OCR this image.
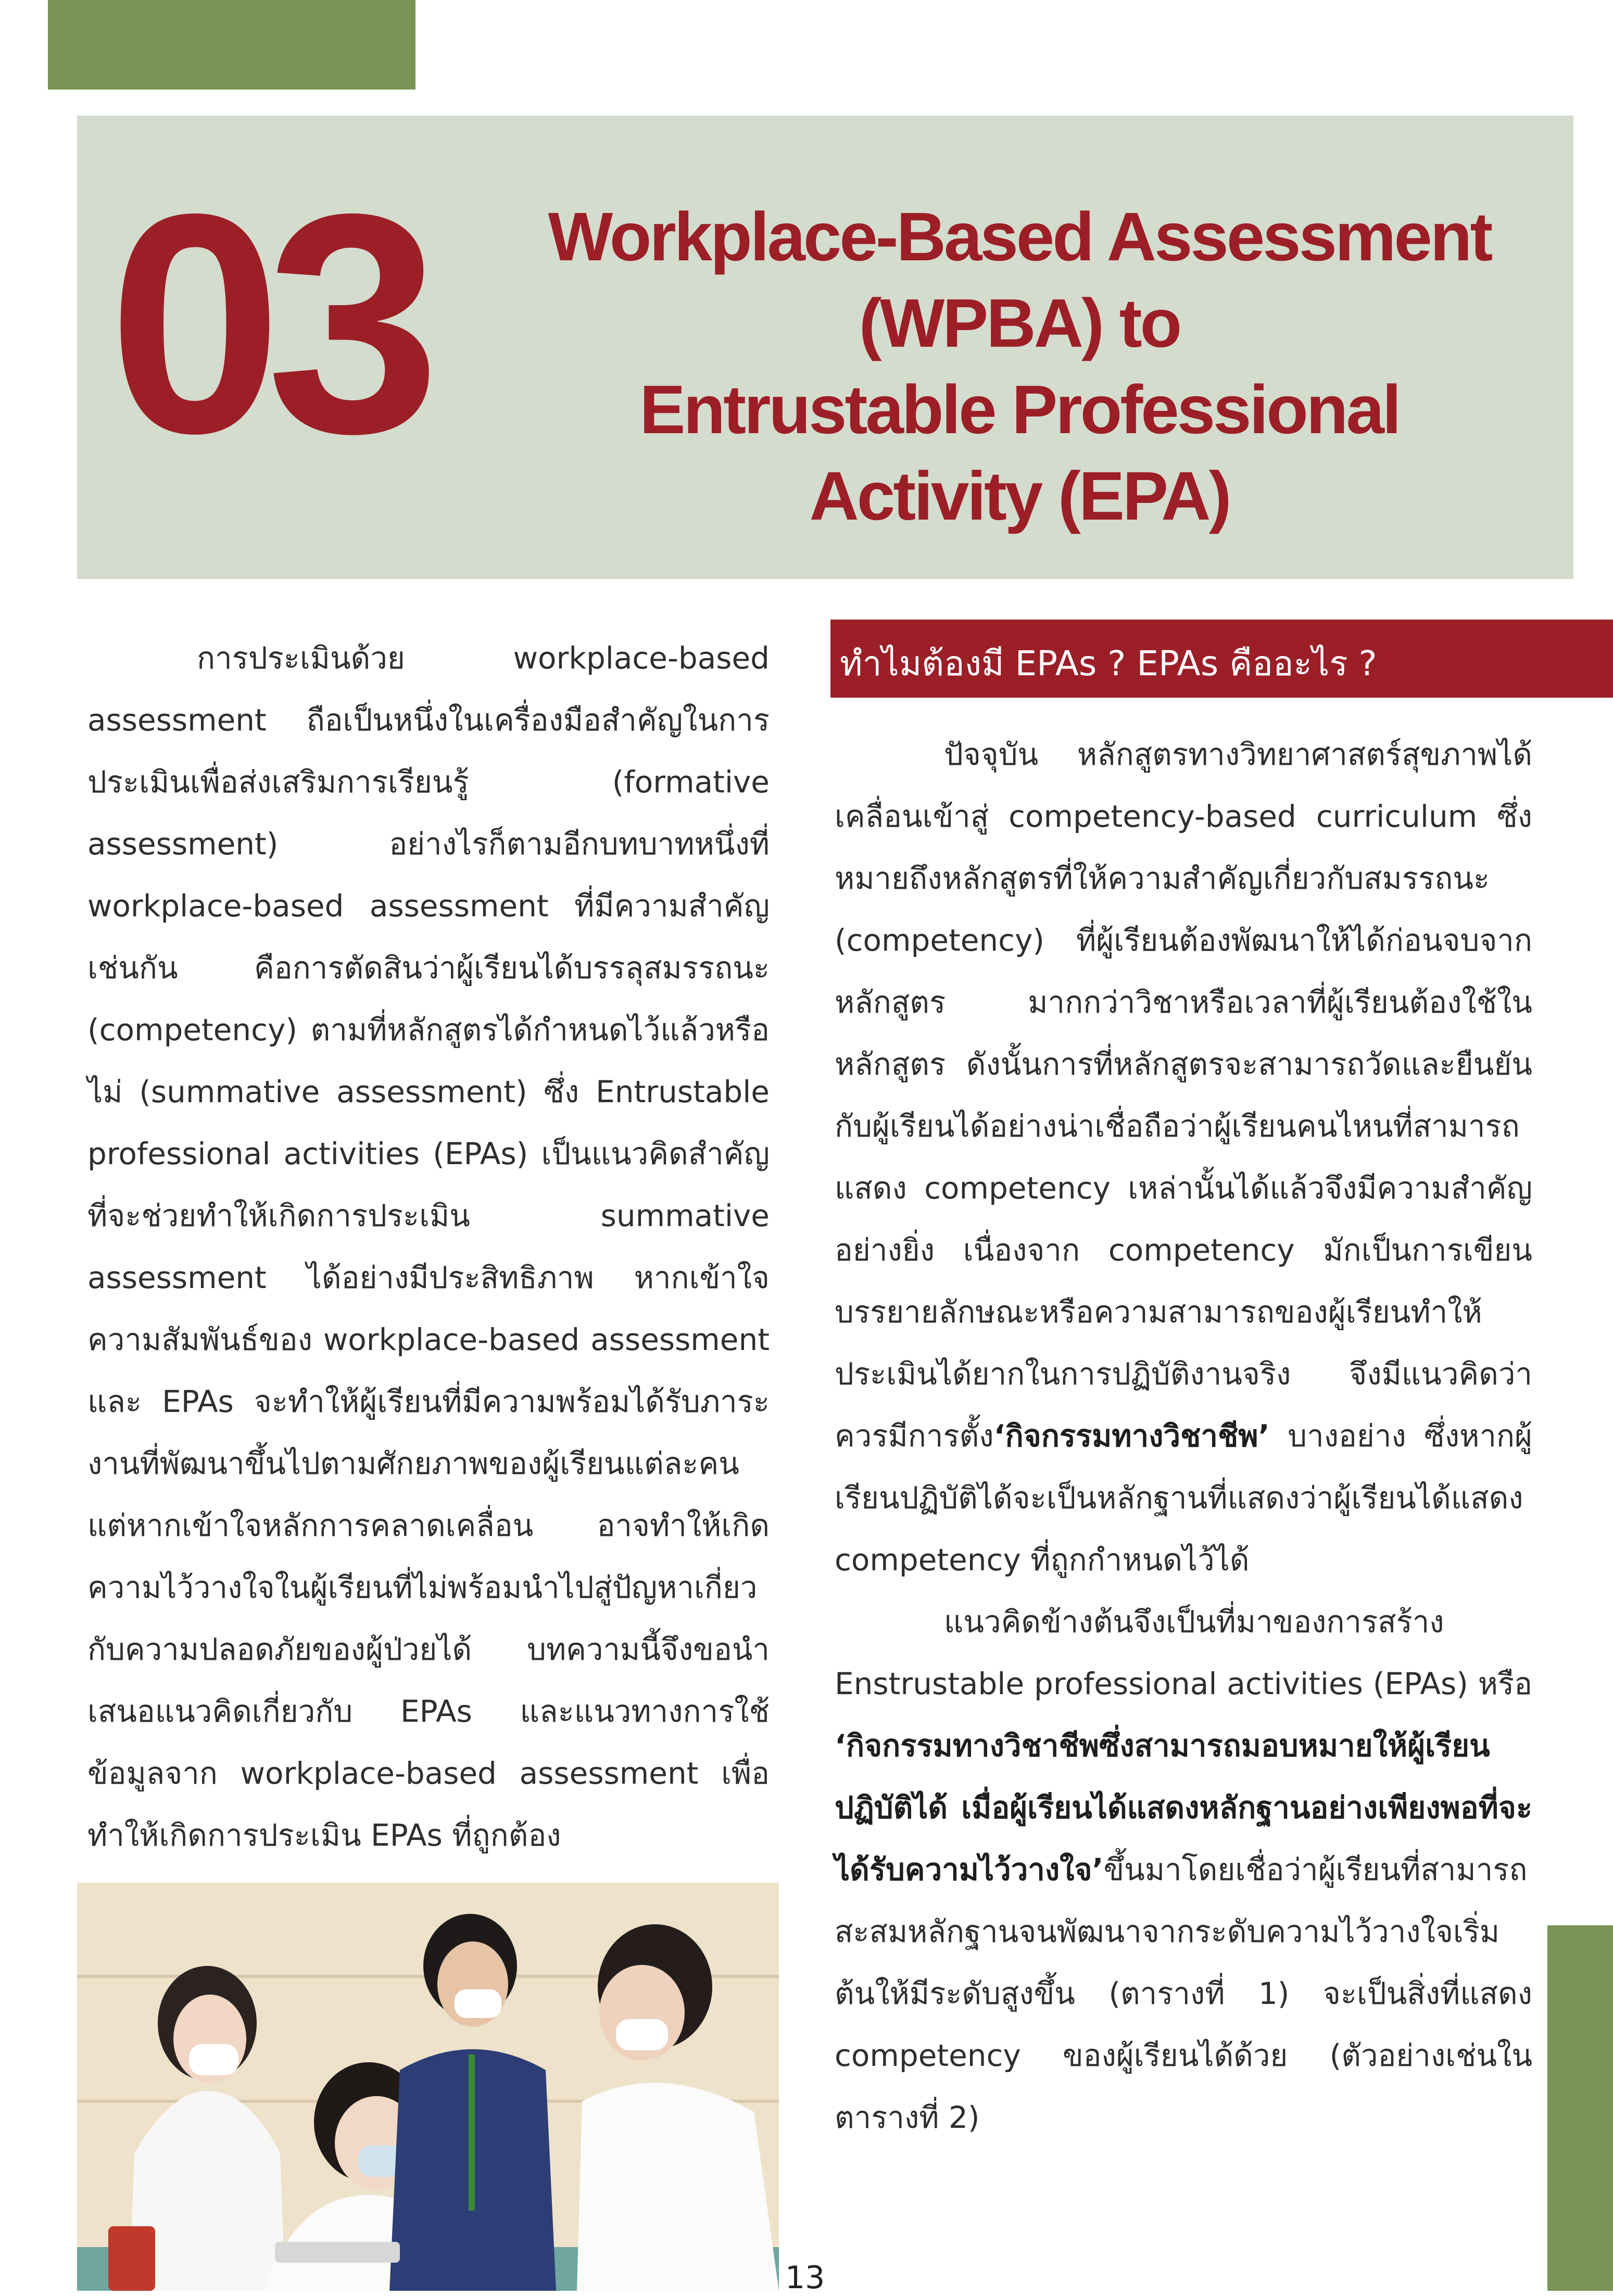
03	Workplace-Based Assessment
(WPBA) to
Entrustable Professional
Activity (EPA)

การประเมินด้วย workplace-based assessment ถือเป็นหนึ่งในเครื่องมือสำคัญในการประเมินเพื่อส่งเสริมการเรียนรู้ (formative assessment) อย่างไรก็ตามอีกบทบาทหนึ่งที่ workplace-based assessment ที่มีความสำคัญเช่นกัน คือการตัดสินว่าผู้เรียนได้บรรลุสมรรถนะ (competency) ตามที่หลักสูตรได้กำหนดไว้แล้วหรือไม่ (summative assessment) ซึ่ง Entrustable professional activities (EPAs) เป็นแนวคิดสำคัญที่จะช่วยทำให้เกิดการประเมิน summative assessment ได้อย่างมีประสิทธิภาพ หากเข้าใจความสัมพันธ์ของ workplace-based assessment และ EPAs จะทำให้ผู้เรียนที่มีความพร้อมได้รับภาระงานที่พัฒนาขึ้นไปตามศักยภาพของผู้เรียนแต่ละคน แต่หากเข้าใจหลักการคลาดเคลื่อน อาจทำให้เกิดความไว้วางใจในผู้เรียนที่ไม่พร้อมนำไปสู่ปัญหาเกี่ยวกับความปลอดภัยของผู้ป่วยได้ บทความนี้จึงขอนำเสนอแนวคิดเกี่ยวกับ EPAs และแนวทางการใช้ข้อมูลจาก workplace-based assessment เพื่อทำให้เกิดการประเมิน EPAs ที่ถูกต้อง

ทำไมต้องมี EPAs ? EPAs คืออะไร ?

ปัจจุบัน หลักสูตรทางวิทยาศาสตร์สุขภาพได้เคลื่อนเข้าสู่ competency-based curriculum ซึ่งหมายถึงหลักสูตรที่ให้ความสำคัญเกี่ยวกับสมรรถนะ (competency) ที่ผู้เรียนต้องพัฒนาให้ได้ก่อนจบจากหลักสูตร มากกว่าวิชาหรือเวลาที่ผู้เรียนต้องใช้ในหลักสูตร ดังนั้นการที่หลักสูตรจะสามารถวัดและยืนยันกับผู้เรียนได้อย่างน่าเชื่อถือว่าผู้เรียนคนไหนที่สามารถแสดง competency เหล่านั้นได้แล้วจึงมีความสำคัญอย่างยิ่ง เนื่องจาก competency มักเป็นการเขียนบรรยายลักษณะหรือความสามารถของผู้เรียนทำให้ประเมินได้ยากในการปฏิบัติงานจริง จึงมีแนวคิดว่า ควรมีการตั้ง‘กิจกรรมทางวิชาชีพ’ บางอย่าง ซึ่งหากผู้เรียนปฏิบัติได้จะเป็นหลักฐานที่แสดงว่าผู้เรียนได้แสดง competency ที่ถูกกำหนดไว้ได้

แนวคิดข้างต้นจึงเป็นที่มาของการสร้าง Enstrustable professional activities (EPAs) หรือ ‘กิจกรรมทางวิชาชีพซึ่งสามารถมอบหมายให้ผู้เรียนปฏิบัติได้ เมื่อผู้เรียนได้แสดงหลักฐานอย่างเพียงพอที่จะได้รับความไว้วางใจ’ขึ้นมาโดยเชื่อว่าผู้เรียนที่สามารถสะสมหลักฐานจนพัฒนาจากระดับความไว้วางใจเริ่มต้นให้มีระดับสูงขึ้น (ตารางที่ 1) จะเป็นสิ่งที่แสดง competency ของผู้เรียนได้ด้วย (ตัวอย่างเช่นในตารางที่ 2)

13
